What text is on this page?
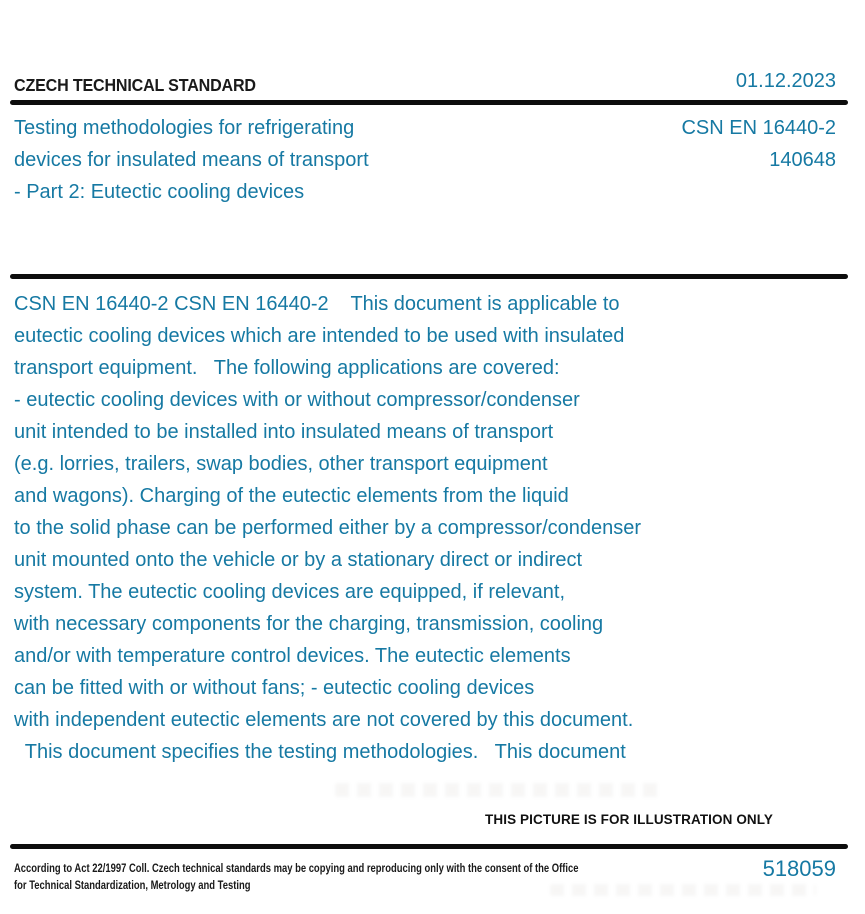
CZECH TECHNICAL STANDARD	01.12.2023
Testing methodologies for refrigerating
devices for insulated means of transport
- Part 2: Eutectic cooling devices
CSN EN 16440-2
140648
CSN EN 16440-2 CSN EN 16440-2    This document is applicable to
eutectic cooling devices which are intended to be used with insulated
transport equipment.   The following applications are covered:
- eutectic cooling devices with or without compressor/condenser
unit intended to be installed into insulated means of transport
(e.g. lorries, trailers, swap bodies, other transport equipment
and wagons). Charging of the eutectic elements from the liquid
to the solid phase can be performed either by a compressor/condenser
unit mounted onto the vehicle or by a stationary direct or indirect
system. The eutectic cooling devices are equipped, if relevant,
with necessary components for the charging, transmission, cooling
and/or with temperature control devices. The eutectic elements
can be fitted with or without fans; - eutectic cooling devices
with independent eutectic elements are not covered by this document.
This document specifies the testing methodologies.   This document
THIS PICTURE IS FOR ILLUSTRATION ONLY
According to Act 22/1997 Coll. Czech technical standards may be copying and reproducing only with the consent of the Office
for Technical Standardization, Metrology and Testing
518059
